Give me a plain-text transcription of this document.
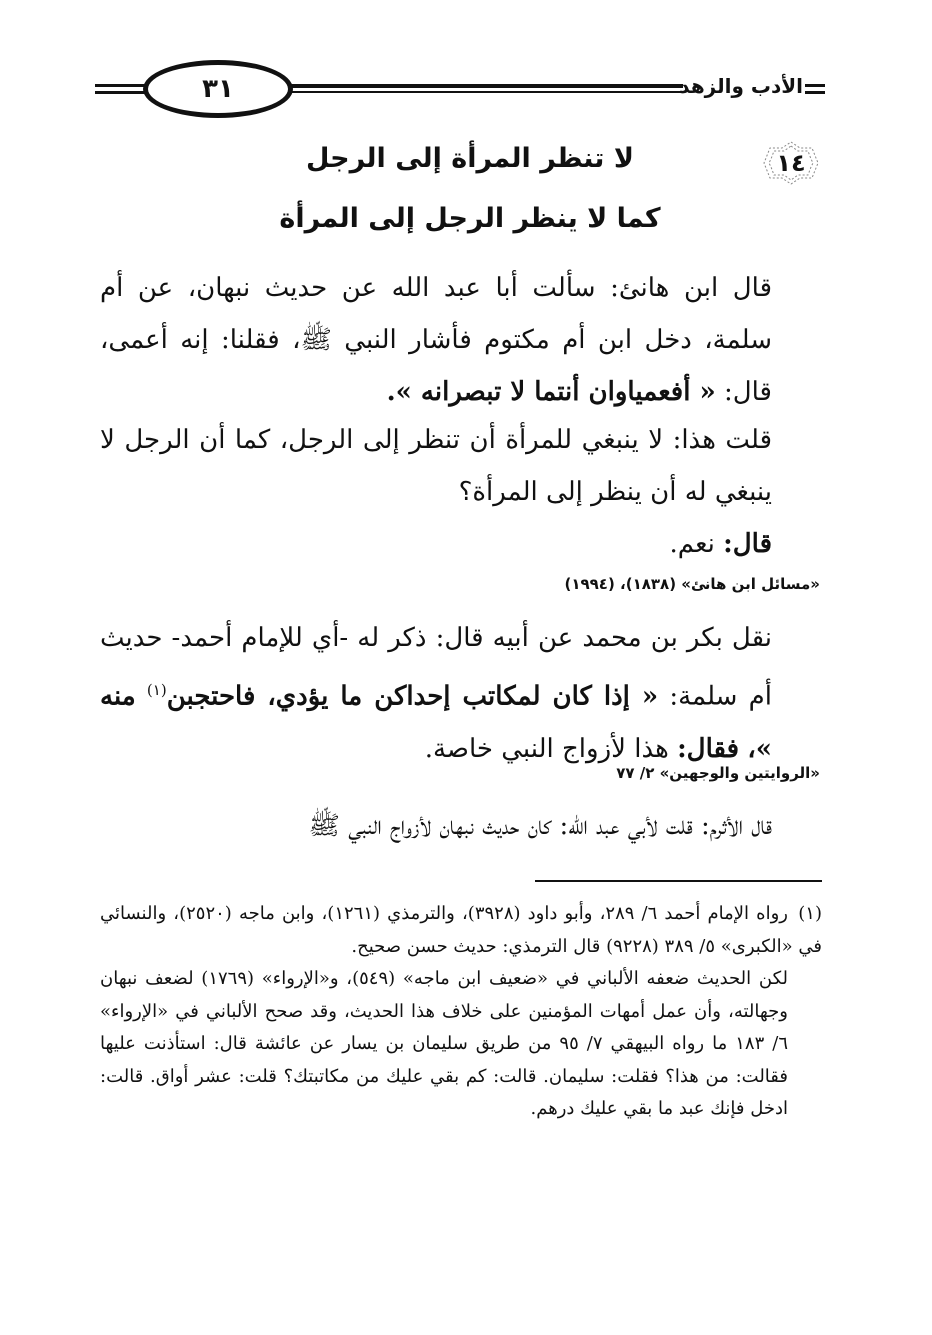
٣١	الأدب والزهد
١٤
لا تنظر المرأة إلى الرجل
كما لا ينظر الرجل إلى المرأة

قال ابن هانئ: سألت أبا عبد الله عن حديث نبهان، عن أم سلمة، دخل ابن أم مكتوم فأشار النبي ﷺ، فقلنا: إنه أعمى، قال: « أفعمياوان أنتما لا تبصرانه ».

قلت هذا: لا ينبغي للمرأة أن تنظر إلى الرجل، كما أن الرجل لا ينبغي له أن ينظر إلى المرأة؟

قال: نعم.

«مسائل ابن هانئ» (١٨٣٨)، (١٩٩٤)

نقل بكر بن محمد عن أبيه قال: ذكر له -أي للإمام أحمد- حديث أم سلمة: « إذا كان لمكاتب إحداكن ما يؤدي، فاحتجبن$^{(١)}$ منه »، فقال: هذا لأزواج النبي خاصة.

«الروايتين والوجهين» ٢/ ٧٧

قال الأثرم: قلت لأبي عبد الله: كان حديث نبهان لأزواج النبي ﷺ

(١)رواه الإمام أحمد ٦/ ٢٨٩، وأبو داود (٣٩٢٨)، والترمذي (١٢٦١)، وابن ماجه (٢٥٢٠)، والنسائي في «الكبرى» ٥/ ٣٨٩ (٩٢٢٨) قال الترمذي: حديث حسن صحيح.

لكن الحديث ضعفه الألباني في «ضعيف ابن ماجه» (٥٤٩)، و«الإرواء» (١٧٦٩) لضعف نبهان وجهالته، وأن عمل أمهات المؤمنين على خلاف هذا الحديث، وقد صحح الألباني في «الإرواء» ٦/ ١٨٣ ما رواه البيهقي ٧/ ٩٥ من طريق سليمان بن يسار عن عائشة قال: استأذنت عليها فقالت: من هذا؟ فقلت: سليمان. قالت: كم بقي عليك من مكاتبتك؟ قلت: عشر أواق. قالت: ادخل فإنك عبد ما بقي عليك درهم.
